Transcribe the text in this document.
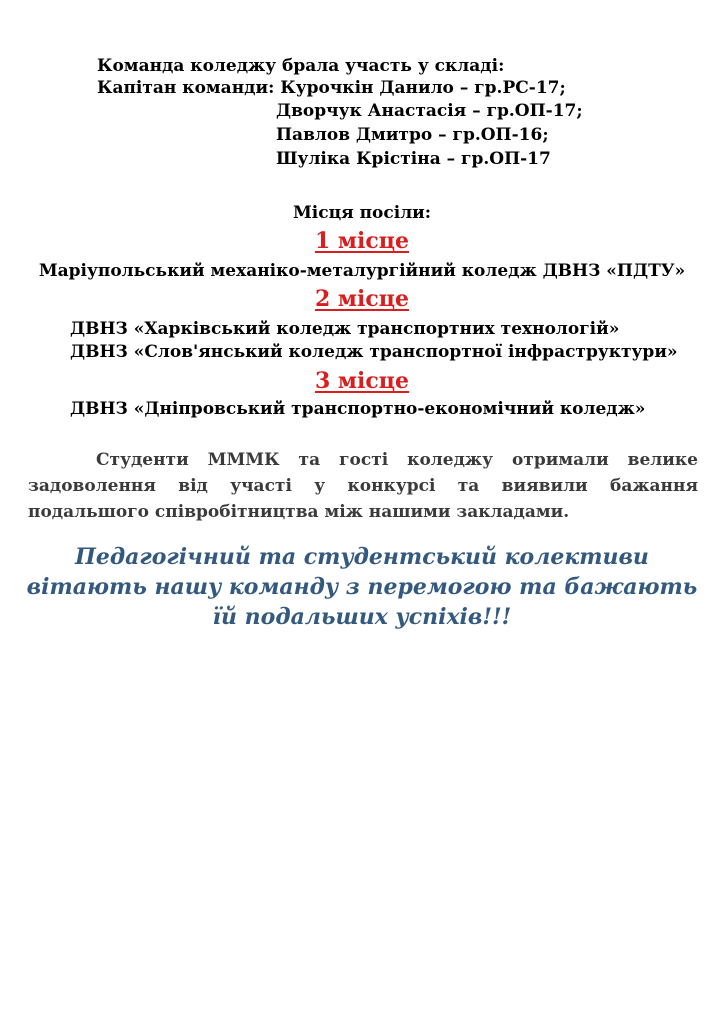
Команда коледжу брала участь у складі:
Капітан команди: Курочкін Данило – гр.РС-17;
Дворчук Анастасія – гр.ОП-17;
Павлов Дмитро – гр.ОП-16;
Шуліка Крістіна – гр.ОП-17
Місця посіли:
1 місце
Маріупольський механіко-металургійний коледж ДВНЗ «ПДТУ»
2 місце
ДВНЗ «Харківський коледж транспортних технологій»
ДВНЗ «Слов'янський коледж транспортної інфраструктури»
3 місце
ДВНЗ «Дніпровський транспортно-економічний коледж»
Студенти МММК та гості коледжу отримали велике задоволення від участі у конкурсі та виявили бажання подальшого співробітництва між нашими закладами.
Педагогічний та студентський колективи вітають нашу команду з перемогою та бажають їй подальших успіхів!!!
